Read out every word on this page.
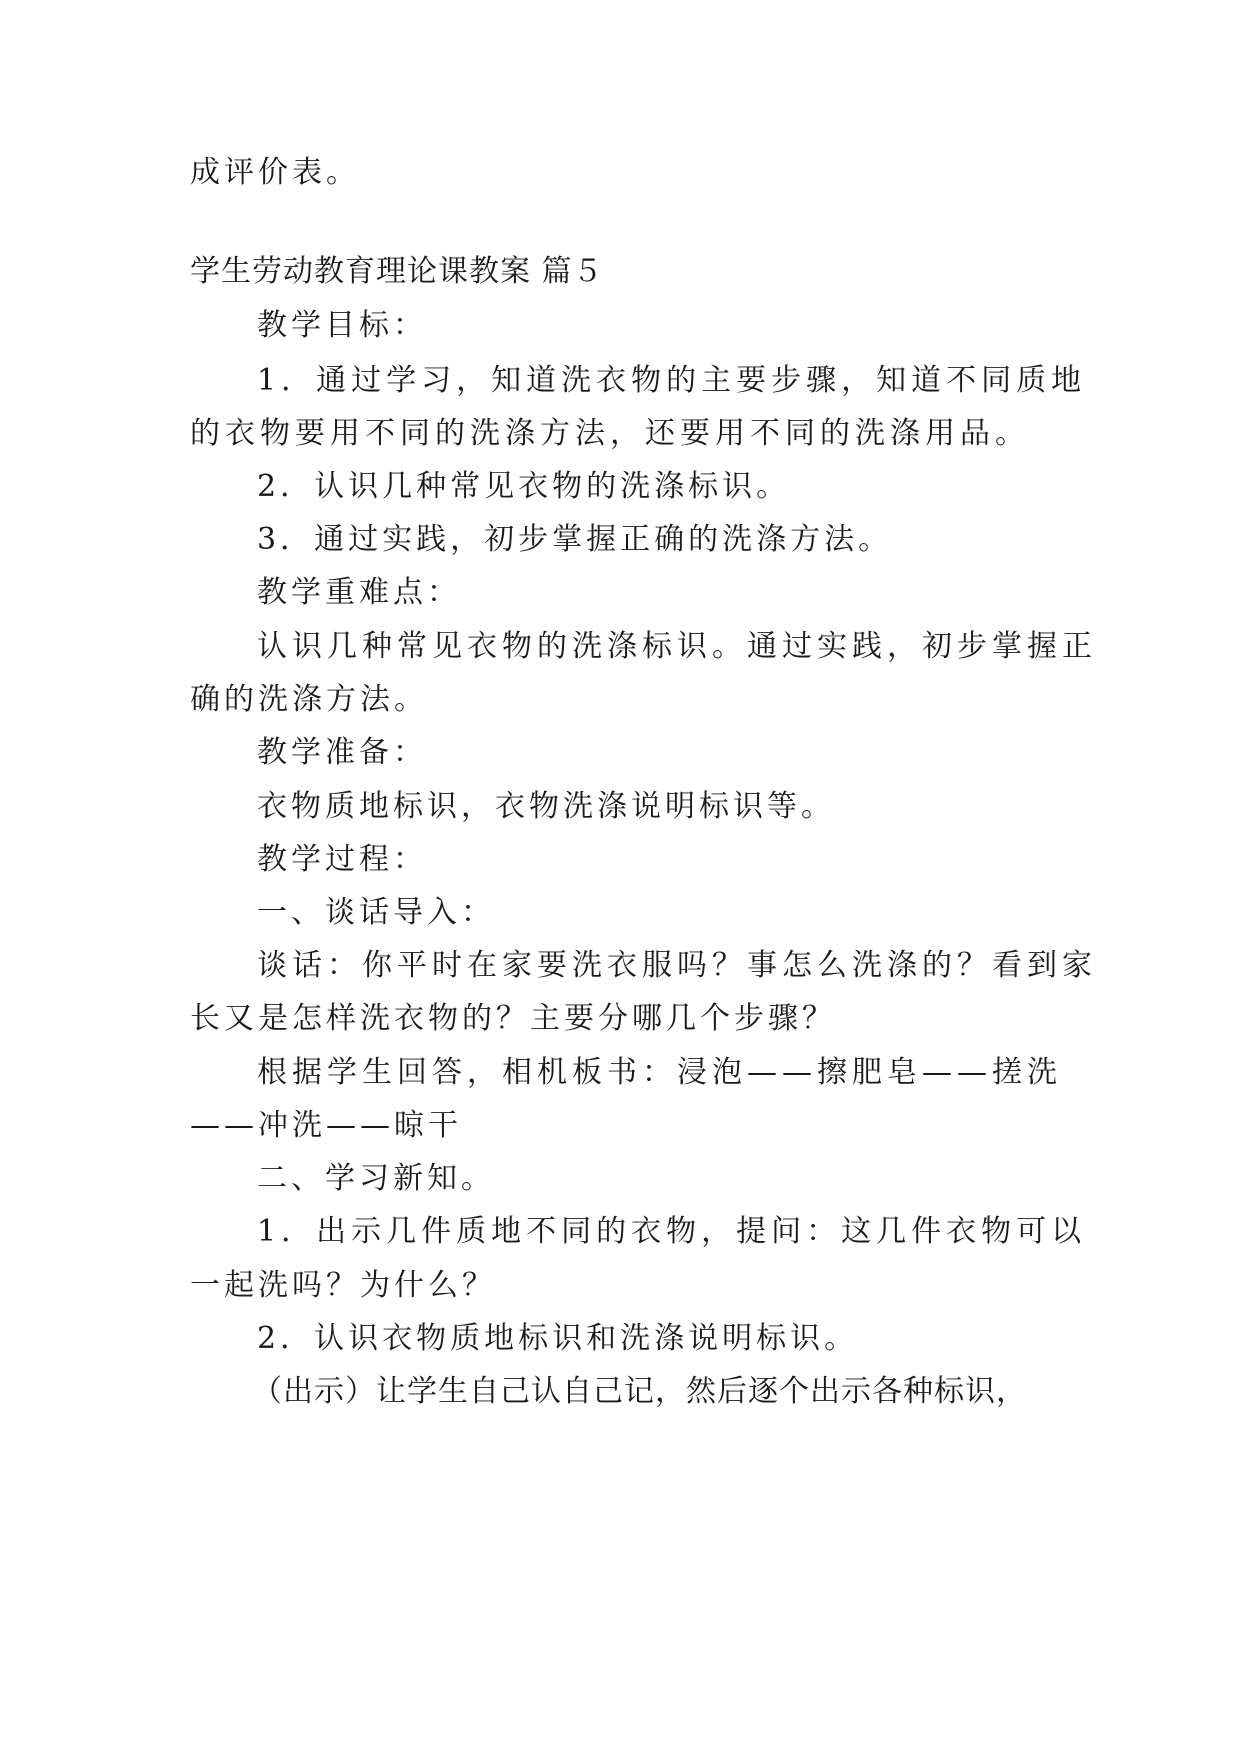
成评价表。
学生劳动教育理论课教案 篇５
教学目标：
1．通过学习，知道洗衣物的主要步骤，知道不同质地
的衣物要用不同的洗涤方法，还要用不同的洗涤用品。
2．认识几种常见衣物的洗涤标识。
3．通过实践，初步掌握正确的洗涤方法。
教学重难点：
认识几种常见衣物的洗涤标识。通过实践，初步掌握正
确的洗涤方法。
教学准备：
衣物质地标识，衣物洗涤说明标识等。
教学过程：
一、谈话导入：
谈话：你平时在家要洗衣服吗？事怎么洗涤的？看到家
长又是怎样洗衣物的？主要分哪几个步骤？
根据学生回答，相机板书：浸泡——擦肥皂——搓洗
——冲洗——晾干
二、学习新知。
1．出示几件质地不同的衣物，提问：这几件衣物可以
一起洗吗？为什么？
2．认识衣物质地标识和洗涤说明标识。
（出示）让学生自己认自己记，然后逐个出示各种标识，
